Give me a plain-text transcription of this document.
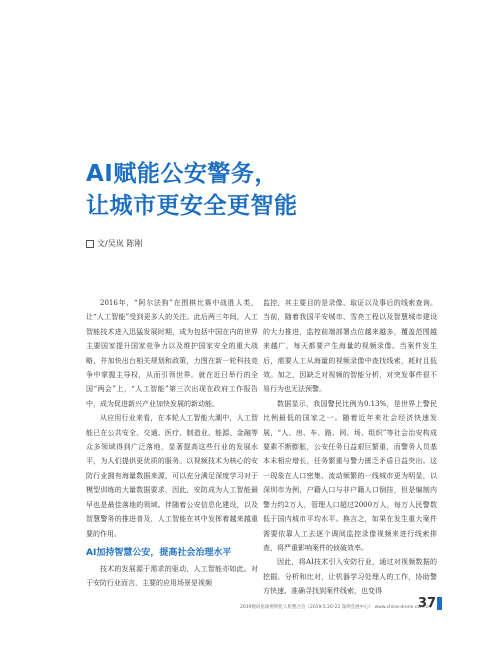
AI赋能公安警务，
让城市更安全更智能
文/吴岚 陈刚

2016年，“阿尔法狗”在围棋比赛中战胜人类，让“人工智能”受到更多人的关注。此后两三年间，人工智能技术进入迅猛发展时期，成为包括中国在内的世界主要国家提升国家竞争力以及维护国家安全的重大战略，并加快出台相关规划和政策，力图在新一轮科技竞争中掌握主导权，从而引领世界。就在近日举行的全国“两会”上，“人工智能”第三次出现在政府工作报告中，成为促进新兴产业加快发展的新动能。

从应用行业来看，在本轮人工智能大潮中，人工智能已在公共安全、交通、医疗、制造业、能源、金融等众多领域得到广泛落地，显著提高这些行业的发展水平，为人们提供更优质的服务。以视频技术为核心的安防行业拥有海量数据来源，可以充分满足深度学习对于模型训练的大量数据要求，因此，安防成为人工智能最早也是最佳落地的领域。伴随着公安信息化建设，以及智慧警务的推进普及，人工智能在其中发挥着越来越重要的作用。

AI加持智慧公安，提高社会治理水平

技术的发展源于需求的驱动，人工智能亦如此。对于安防行业而言，主要的应用场景是视频

监控，其主要目的是录像、取证以及事后的线索查询。当前，随着我国平安城市、雪亮工程以及智慧城市建设的大力推进，监控前端部署点位越来越多，覆盖范围越来越广，每天都要产生海量的视频录像。当案件发生后，需要人工从海量的视频录像中查找线索，耗时且低效。加之，因缺乏对视频的智能分析，对突发事件很不易行为也无法预警。

数据显示，我国警民比例为0.13%，是世界上警民比例最低的国家之一。随着近年来社会经济快速发展，“人、房、车、路、网、场、组织”等社会治安构成要素不断膨胀，公安任务日益艰巨繁重，而警务人员基本未相应增长，任务繁重与警力匮乏矛盾日益突出。这一现象在人口密集、流动频繁的一线城市更为明显，以深圳市为例，户籍人口与非户籍人口倒挂，但是编制内警力约2万人，管理人口超过2000万人，每万人民警数低于国内城市平均水平。换言之，如果在发生重大案件需要依靠人工去逐个调阅监控录像视频来进行线索排查，将严重影响案件的侦破效率。

因此，将AI技术引入安防行业，通过对视频数据的挖掘、分析和比对，让机器学习处理人的工作，协助警方快速、准确寻找到案件线索，也变得

2019数码星球照明化人机整合会（2019.5.20-22 深圳会展中心） www.china-drone.com.cn
37
